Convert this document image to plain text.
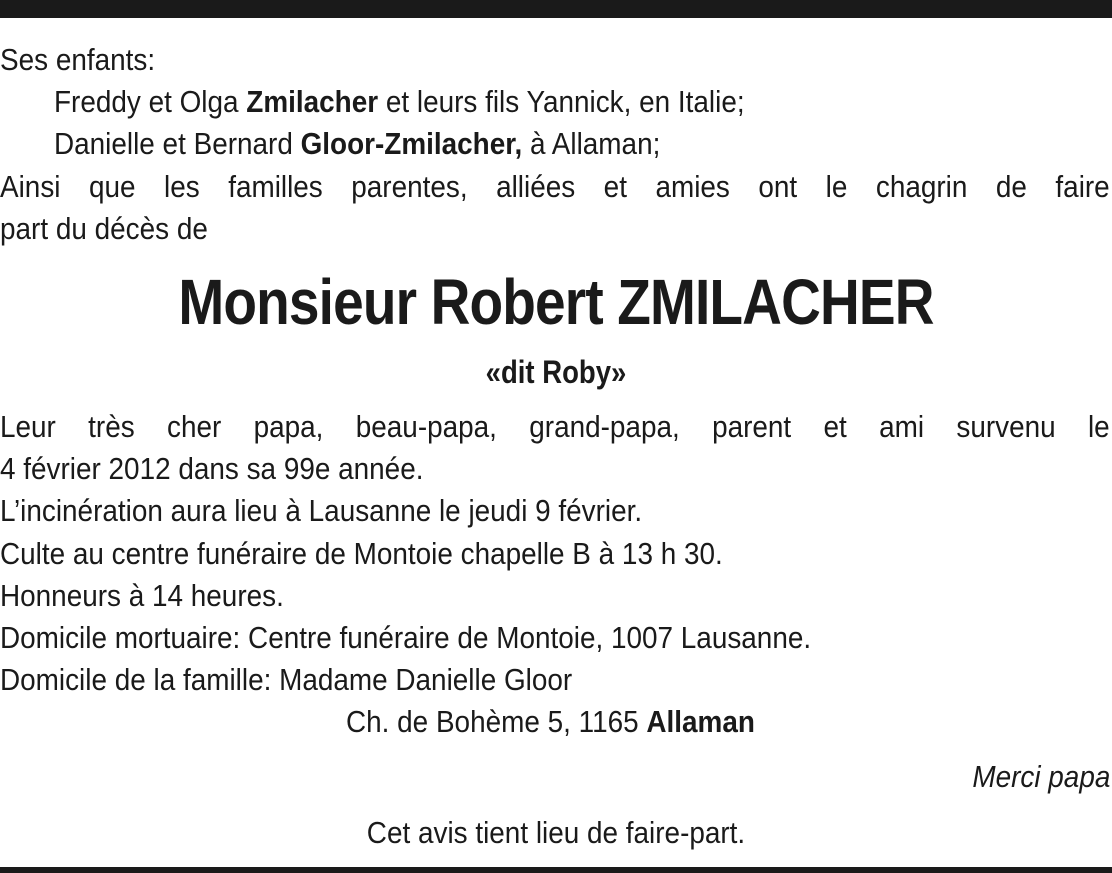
Ses enfants:
Freddy et Olga Zmilacher et leurs fils Yannick, en Italie;
Danielle et Bernard Gloor-Zmilacher, à Allaman;
Ainsi que les familles parentes, alliées et amies ont le chagrin de faire
part du décès de
Monsieur Robert ZMILACHER
«dit Roby»
Leur très cher papa, beau-papa, grand-papa, parent et ami survenu le
4 février 2012 dans sa 99e année.
L’incinération aura lieu à Lausanne le jeudi 9 février.
Culte au centre funéraire de Montoie chapelle B à 13 h 30.
Honneurs à 14 heures.
Domicile mortuaire: Centre funéraire de Montoie, 1007 Lausanne.
Domicile de la famille: Madame Danielle Gloor
Ch. de Bohème 5, 1165 Allaman
Merci papa
Cet avis tient lieu de faire-part.
